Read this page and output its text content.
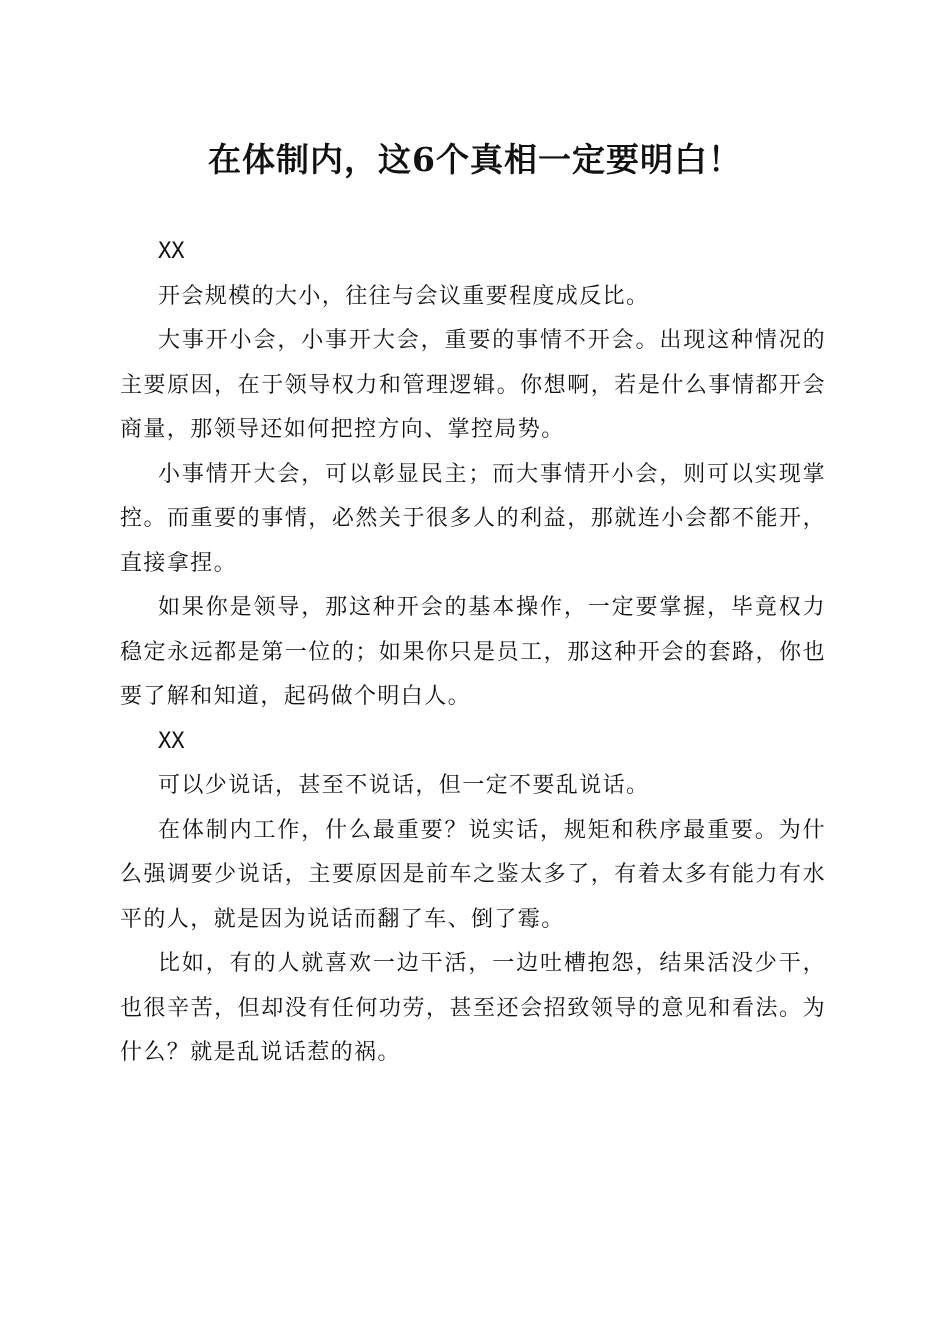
在体制内，这6个真相一定要明白！

XX

开会规模的大小，往往与会议重要程度成反比。

大事开小会，小事开大会，重要的事情不开会。出现这种情况的主要原因，在于领导权力和管理逻辑。你想啊，若是什么事情都开会商量，那领导还如何把控方向、掌控局势。

小事情开大会，可以彰显民主；而大事情开小会，则可以实现掌控。而重要的事情，必然关于很多人的利益，那就连小会都不能开，直接拿捏。

如果你是领导，那这种开会的基本操作，一定要掌握，毕竟权力稳定永远都是第一位的；如果你只是员工，那这种开会的套路，你也要了解和知道，起码做个明白人。

XX

可以少说话，甚至不说话，但一定不要乱说话。

在体制内工作，什么最重要？说实话，规矩和秩序最重要。为什么强调要少说话，主要原因是前车之鉴太多了，有着太多有能力有水平的人，就是因为说话而翻了车、倒了霉。

比如，有的人就喜欢一边干活，一边吐槽抱怨，结果活没少干，也很辛苦，但却没有任何功劳，甚至还会招致领导的意见和看法。为什么？就是乱说话惹的祸。
